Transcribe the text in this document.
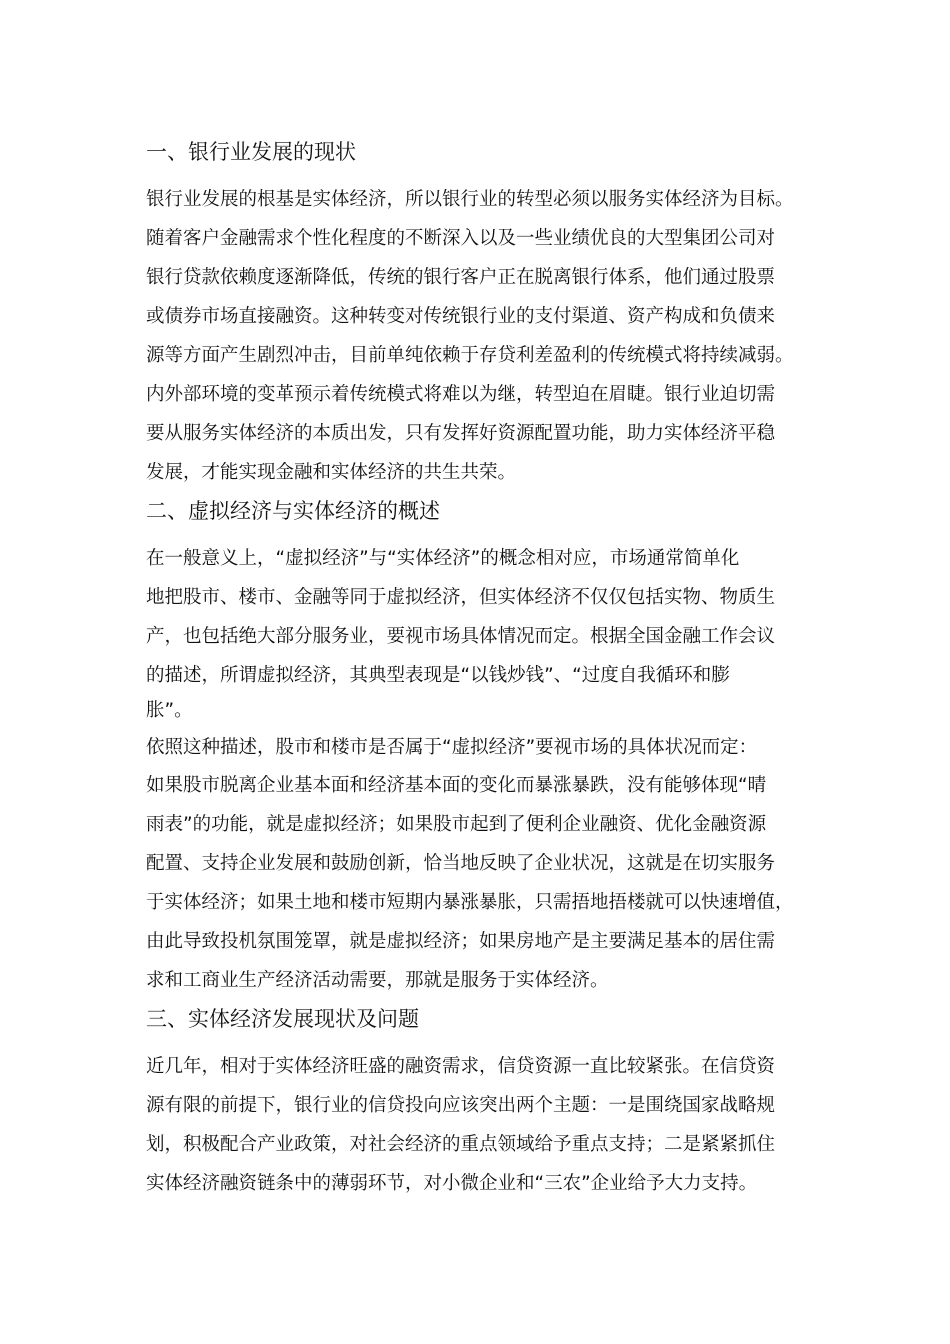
一、银行业发展的现状

银行业发展的根基是实体经济，所以银行业的转型必须以服务实体经济为目标。

随着客户金融需求个性化程度的不断深入以及一些业绩优良的大型集团公司对

银行贷款依赖度逐渐降低，传统的银行客户正在脱离银行体系，他们通过股票

或债券市场直接融资。这种转变对传统银行业的支付渠道、资产构成和负债来

源等方面产生剧烈冲击，目前单纯依赖于存贷利差盈利的传统模式将持续减弱。

内外部环境的变革预示着传统模式将难以为继，转型迫在眉睫。银行业迫切需

要从服务实体经济的本质出发，只有发挥好资源配置功能，助力实体经济平稳

发展，才能实现金融和实体经济的共生共荣。

二、虚拟经济与实体经济的概述

在一般意义上，“虚拟经济”与“实体经济”的概念相对应，市场通常简单化

地把股市、楼市、金融等同于虚拟经济，但实体经济不仅仅包括实物、物质生

产，也包括绝大部分服务业，要视市场具体情况而定。根据全国金融工作会议

的描述，所谓虚拟经济，其典型表现是“以钱炒钱”、“过度自我循环和膨

胀”。

依照这种描述，股市和楼市是否属于“虚拟经济”要视市场的具体状况而定：

如果股市脱离企业基本面和经济基本面的变化而暴涨暴跌，没有能够体现“晴

雨表”的功能，就是虚拟经济；如果股市起到了便利企业融资、优化金融资源

配置、支持企业发展和鼓励创新，恰当地反映了企业状况，这就是在切实服务

于实体经济；如果土地和楼市短期内暴涨暴胀，只需捂地捂楼就可以快速增值，

由此导致投机氛围笼罩，就是虚拟经济；如果房地产是主要满足基本的居住需

求和工商业生产经济活动需要，那就是服务于实体经济。

三、实体经济发展现状及问题

近几年，相对于实体经济旺盛的融资需求，信贷资源一直比较紧张。在信贷资

源有限的前提下，银行业的信贷投向应该突出两个主题：一是围绕国家战略规

划，积极配合产业政策，对社会经济的重点领域给予重点支持；二是紧紧抓住

实体经济融资链条中的薄弱环节，对小微企业和“三农”企业给予大力支持。
